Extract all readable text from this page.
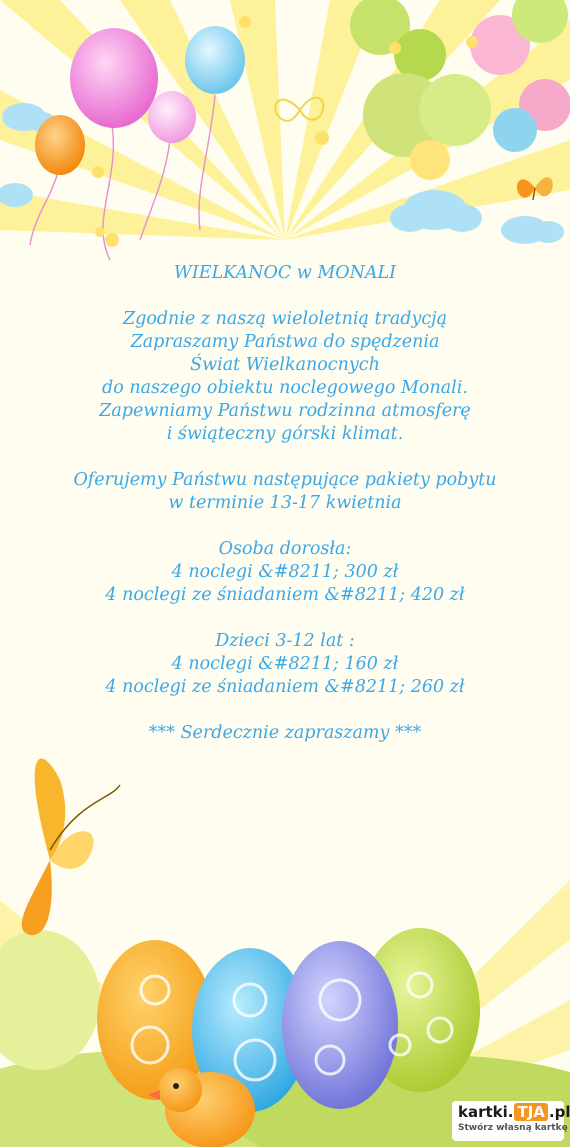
WIELKANOC w MONALI
Zgodnie z naszą wieloletnią tradycją
Zapraszamy Państwa do spędzenia
Świat Wielkanocnych
do naszego obiektu noclegowego Monali.
Zapewniamy Państwu rodzinna atmosferę
i świąteczny górski klimat.
Oferujemy Państwu następujące pakiety pobytu
w terminie 13-17 kwietnia
Osoba dorosła:
4 noclegi &#8211; 300 zł
4 noclegi ze śniadaniem &#8211; 420 zł
Dzieci 3-12 lat :
4 noclegi &#8211; 160 zł
4 noclegi ze śniadaniem &#8211; 260 zł
*** Serdecznie zapraszamy ***
kartki. TJA .pl
Stwórz własną kartkę
